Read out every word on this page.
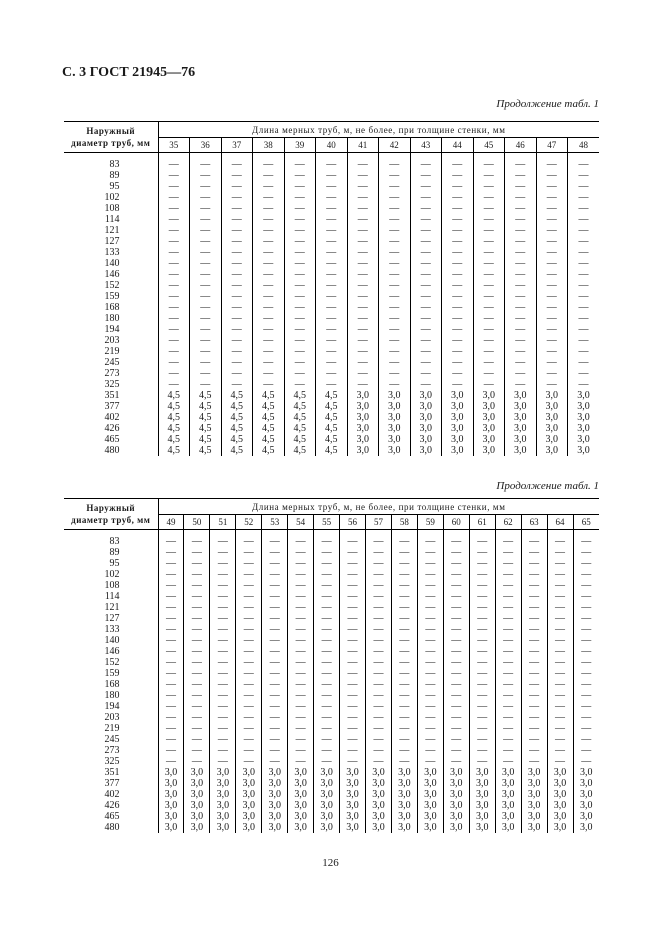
С. 3 ГОСТ 21945—76
Продолжение табл. 1
Наружный
диаметр труб, мм	Длина мерных труб, м, не более, при толщине стенки, мм													
	35	36	37	38	39	40	41	42	43	44	45	46	47	48

83	—	—	—	—	—	—	—	—	—	—	—	—	—	—
89	—	—	—	—	—	—	—	—	—	—	—	—	—	—
95	—	—	—	—	—	—	—	—	—	—	—	—	—	—
102	—	—	—	—	—	—	—	—	—	—	—	—	—	—
108	—	—	—	—	—	—	—	—	—	—	—	—	—	—
114	—	—	—	—	—	—	—	—	—	—	—	—	—	—
121	—	—	—	—	—	—	—	—	—	—	—	—	—	—
127	—	—	—	—	—	—	—	—	—	—	—	—	—	—
133	—	—	—	—	—	—	—	—	—	—	—	—	—	—
140	—	—	—	—	—	—	—	—	—	—	—	—	—	—
146	—	—	—	—	—	—	—	—	—	—	—	—	—	—
152	—	—	—	—	—	—	—	—	—	—	—	—	—	—
159	—	—	—	—	—	—	—	—	—	—	—	—	—	—
168	—	—	—	—	—	—	—	—	—	—	—	—	—	—
180	—	—	—	—	—	—	—	—	—	—	—	—	—	—
194	—	—	—	—	—	—	—	—	—	—	—	—	—	—
203	—	—	—	—	—	—	—	—	—	—	—	—	—	—
219	—	—	—	—	—	—	—	—	—	—	—	—	—	—
245	—	—	—	—	—	—	—	—	—	—	—	—	—	—
273	—	—	—	—	—	—	—	—	—	—	—	—	—	—
325	—	—	—	—	—	—	—	—	—	—	—	—	—	—
351	4,5	4,5	4,5	4,5	4,5	4,5	3,0	3,0	3,0	3,0	3,0	3,0	3,0	3,0
377	4,5	4,5	4,5	4,5	4,5	4,5	3,0	3,0	3,0	3,0	3,0	3,0	3,0	3,0
402	4,5	4,5	4,5	4,5	4,5	4,5	3,0	3,0	3,0	3,0	3,0	3,0	3,0	3,0
426	4,5	4,5	4,5	4,5	4,5	4,5	3,0	3,0	3,0	3,0	3,0	3,0	3,0	3,0
465	4,5	4,5	4,5	4,5	4,5	4,5	3,0	3,0	3,0	3,0	3,0	3,0	3,0	3,0
480	4,5	4,5	4,5	4,5	4,5	4,5	3,0	3,0	3,0	3,0	3,0	3,0	3,0	3,0
Продолжение табл. 1
Наружный
диаметр труб, мм	Длина мерных труб, м, не более, при толщине стенки, мм																
	49	50	51	52	53	54	55	56	57	58	59	60	61	62	63	64	65

83	—	—	—	—	—	—	—	—	—	—	—	—	—	—	—	—	—
89	—	—	—	—	—	—	—	—	—	—	—	—	—	—	—	—	—
95	—	—	—	—	—	—	—	—	—	—	—	—	—	—	—	—	—
102	—	—	—	—	—	—	—	—	—	—	—	—	—	—	—	—	—
108	—	—	—	—	—	—	—	—	—	—	—	—	—	—	—	—	—
114	—	—	—	—	—	—	—	—	—	—	—	—	—	—	—	—	—
121	—	—	—	—	—	—	—	—	—	—	—	—	—	—	—	—	—
127	—	—	—	—	—	—	—	—	—	—	—	—	—	—	—	—	—
133	—	—	—	—	—	—	—	—	—	—	—	—	—	—	—	—	—
140	—	—	—	—	—	—	—	—	—	—	—	—	—	—	—	—	—
146	—	—	—	—	—	—	—	—	—	—	—	—	—	—	—	—	—
152	—	—	—	—	—	—	—	—	—	—	—	—	—	—	—	—	—
159	—	—	—	—	—	—	—	—	—	—	—	—	—	—	—	—	—
168	—	—	—	—	—	—	—	—	—	—	—	—	—	—	—	—	—
180	—	—	—	—	—	—	—	—	—	—	—	—	—	—	—	—	—
194	—	—	—	—	—	—	—	—	—	—	—	—	—	—	—	—	—
203	—	—	—	—	—	—	—	—	—	—	—	—	—	—	—	—	—
219	—	—	—	—	—	—	—	—	—	—	—	—	—	—	—	—	—
245	—	—	—	—	—	—	—	—	—	—	—	—	—	—	—	—	—
273	—	—	—	—	—	—	—	—	—	—	—	—	—	—	—	—	—
325	—	—	—	—	—	—	—	—	—	—	—	—	—	—	—	—	—
351	3,0	3,0	3,0	3,0	3,0	3,0	3,0	3,0	3,0	3,0	3,0	3,0	3,0	3,0	3,0	3,0	3,0
377	3,0	3,0	3,0	3,0	3,0	3,0	3,0	3,0	3,0	3,0	3,0	3,0	3,0	3,0	3,0	3,0	3,0
402	3,0	3,0	3,0	3,0	3,0	3,0	3,0	3,0	3,0	3,0	3,0	3,0	3,0	3,0	3,0	3,0	3,0
426	3,0	3,0	3,0	3,0	3,0	3,0	3,0	3,0	3,0	3,0	3,0	3,0	3,0	3,0	3,0	3,0	3,0
465	3,0	3,0	3,0	3,0	3,0	3,0	3,0	3,0	3,0	3,0	3,0	3,0	3,0	3,0	3,0	3,0	3,0
480	3,0	3,0	3,0	3,0	3,0	3,0	3,0	3,0	3,0	3,0	3,0	3,0	3,0	3,0	3,0	3,0	3,0
126
